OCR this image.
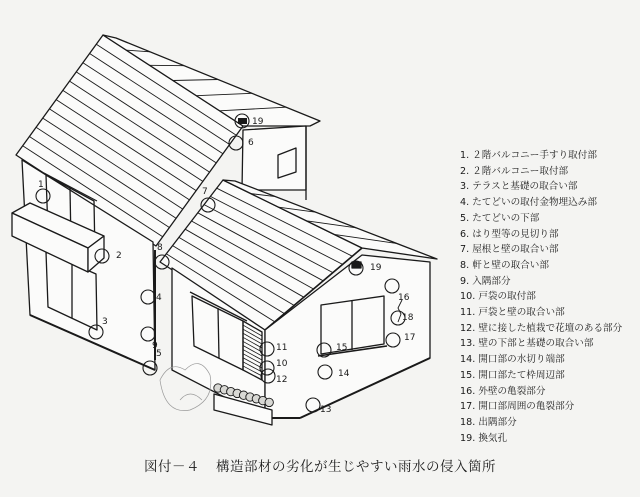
1
2
3
4
5
6
7
8
9
10
11
12
13
14
15
16
17
18
19
19
1. ２階バルコニー手すり取付部
2. ２階バルコニー取付部
3. テラスと基礎の取合い部
4. たてどいの取付金物埋込み部
5. たてどいの下部
6. はり型等の見切り部
7. 屋根と壁の取合い部
8. 軒と壁の取合い部
9. 入隅部分
10. 戸袋の取付部
11. 戸袋と壁の取合い部
12. 壁に接した植栽で花壇のある部分
13. 壁の下部と基礎の取合い部
14. 開口部の水切り端部
15. 開口部たて枠周辺部
16. 外壁の亀裂部分
17. 開口部周囲の亀裂部分
18. 出隅部分
19. 換気孔
図付－４ 構造部材の劣化が生じやすい雨水の侵入箇所
